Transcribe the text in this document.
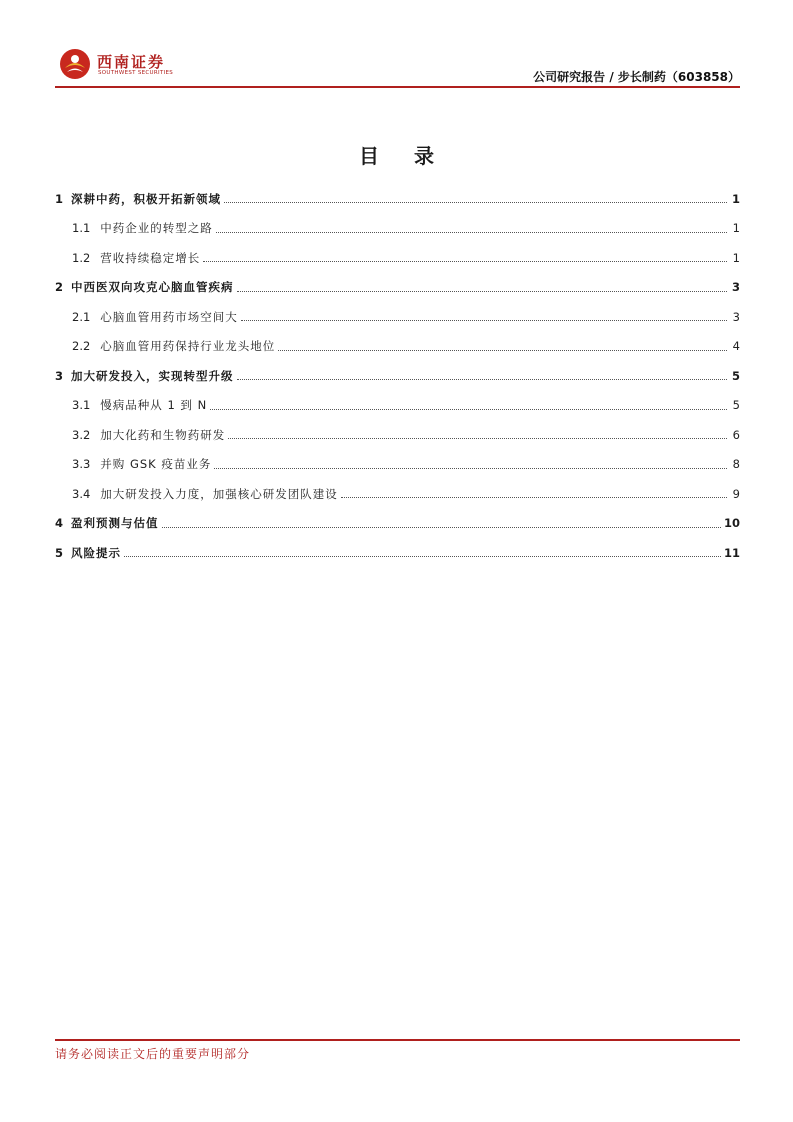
西南证券
SOUTHWEST SECURITIES	公司研究报告 / 步长制药（603858）
目 录
1 深耕中药，积极开拓新领域	1
1.1 中药企业的转型之路	1
1.2 营收持续稳定增长	1
2 中西医双向攻克心脑血管疾病	3
2.1 心脑血管用药市场空间大	3
2.2 心脑血管用药保持行业龙头地位	4
3 加大研发投入，实现转型升级	5
3.1 慢病品种从 1 到 N	5
3.2 加大化药和生物药研发	6
3.3 并购 GSK 疫苗业务	8
3.4 加大研发投入力度，加强核心研发团队建设	9
4 盈利预测与估值	10
5 风险提示	11
请务必阅读正文后的重要声明部分
